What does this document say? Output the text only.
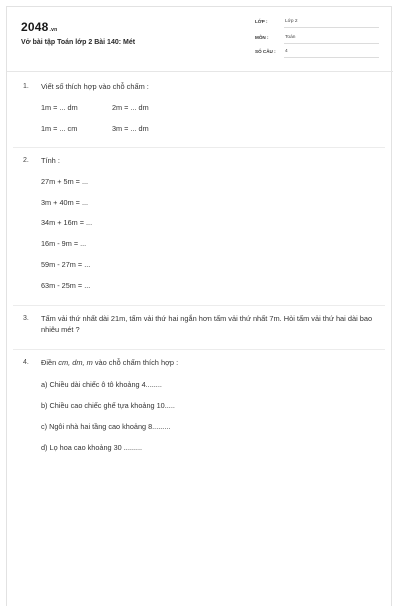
2048.vn
Vở bài tập Toán lớp 2 Bài 140: Mét
LỚP :	Lớp 2
MÔN :	Toán
SỐ CÂU : 4
1. Viết số thích hợp vào chỗ chấm :
1m = ... dm	2m = ... dm
1m = ... cm	3m = ... dm
2. Tính :
27m + 5m = ...
3m + 40m = ...
34m + 16m = ...
16m - 9m = ...
59m - 27m = ...
63m - 25m = ...
3. Tấm vải thứ nhất dài 21m, tấm vải thứ hai ngắn hơn tấm vải thứ nhất 7m. Hỏi tấm vải thứ hai dài bao nhiêu mét ?
4. Điền cm, dm, m vào chỗ chấm thích hợp :
a) Chiều dài chiếc ô tô khoảng 4........
b) Chiều cao chiếc ghế tựa khoảng 10.....
c) Ngôi nhà hai tầng cao khoảng 8.........
d) Lọ hoa cao khoảng 30 .........
